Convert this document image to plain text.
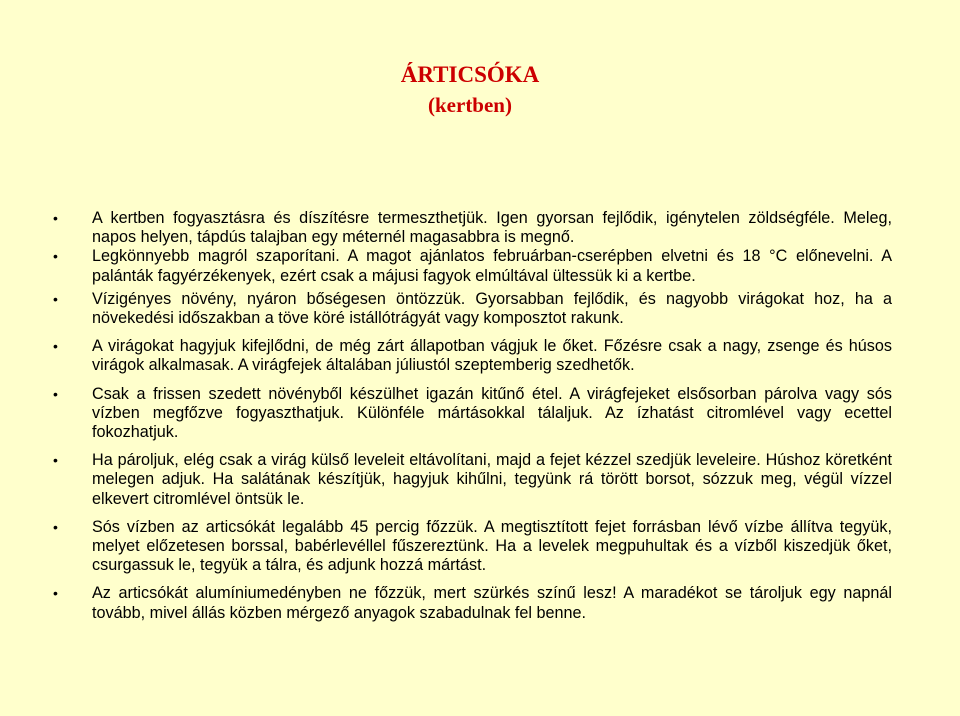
ÁRTICSÓKA
(kertben)
• A kertben fogyasztásra és díszítésre termeszthetjük. Igen gyorsan fejlődik, igénytelen zöldségféle. Meleg, napos helyen, tápdús talajban egy méternél magasabbra is megnő.
• Legkönnyebb magról szaporítani. A magot ajánlatos februárban-cserépben elvetni és 18 °C előnevelni. A palánták fagyérzékenyek, ezért csak a májusi fagyok elmúltával ültessük ki a kertbe.
• Vízigényes növény, nyáron bőségesen öntözzük. Gyorsabban fejlődik, és nagyobb virágokat hoz, ha a növekedési időszakban a töve köré istállótrágyát vagy komposztot rakunk.
• A virágokat hagyjuk kifejlődni, de még zárt állapotban vágjuk le őket. Főzésre csak a nagy, zsenge és húsos virágok alkalmasak. A virágfejek általában júliustól szeptemberig szedhetők.
• Csak a frissen szedett növényből készülhet igazán kitűnő étel. A virágfejeket elsősorban párolva vagy sós vízben megfőzve fogyaszthatjuk. Különféle mártásokkal tálaljuk. Az ízhatást citromlével vagy ecettel fokozhatjuk.
• Ha pároljuk, elég csak a virág külső leveleit eltávolítani, majd a fejet kézzel szedjük leveleire. Húshoz köretként melegen adjuk. Ha salátának készítjük, hagyjuk kihűlni, tegyünk rá törött borsot, sózzuk meg, végül vízzel elkevert citromlével öntsük le.
• Sós vízben az articsókát legalább 45 percig főzzük. A megtisztított fejet forrásban lévő vízbe állítva tegyük, melyet előzetesen borssal, babérlevéllel fűszereztünk. Ha a levelek megpuhultak és a vízből kiszedjük őket, csurgassuk le, tegyük a tálra, és adjunk hozzá mártást.
• Az articsókát alumíniumedényben ne főzzük, mert szürkés színű lesz! A maradékot se tároljuk egy napnál tovább, mivel állás közben mérgező anyagok szabadulnak fel benne.
